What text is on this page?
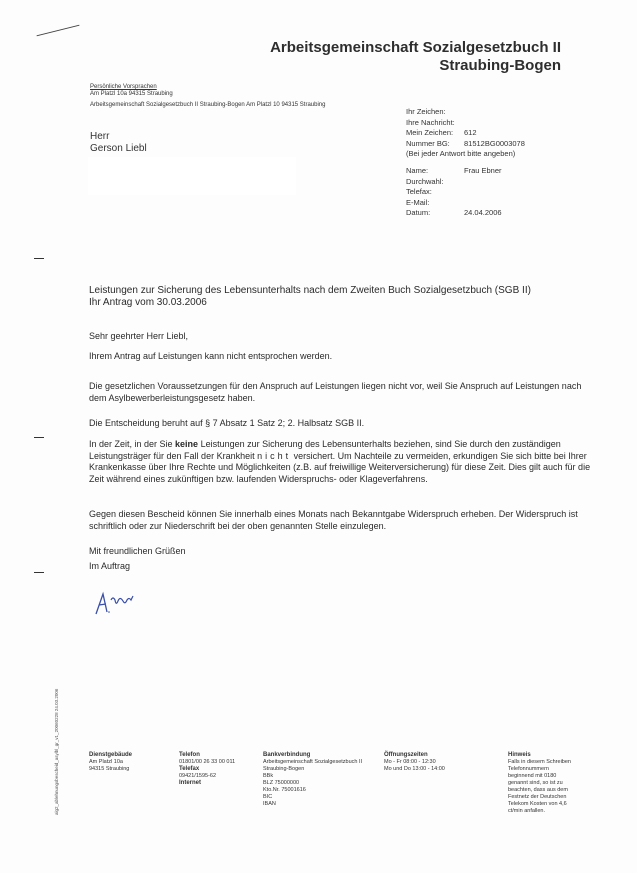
Arbeitsgemeinschaft Sozialgesetzbuch II
Straubing-Bogen
Persönliche Vorsprachen
Am Platzl 10a 94315 Straubing
Arbeitsgemeinschaft Sozialgesetzbuch II Straubing-Bogen Am Platzl 10 94315 Straubing
Herr
Gerson Liebl
Ihr Zeichen:
Ihre Nachricht:
Mein Zeichen: 612
Nummer BG: 81512BG0003078
(Bei jeder Antwort bitte angeben)
Name:	Frau Ebner
Durchwahl:
Telefax:
E-Mail:
Datum:	24.04.2006
Leistungen zur Sicherung des Lebensunterhalts nach dem Zweiten Buch Sozialgesetzbuch (SGB II)
Ihr Antrag vom 30.03.2006
Sehr geehrter Herr Liebl,
Ihrem Antrag auf Leistungen kann nicht entsprochen werden.
Die gesetzlichen Voraussetzungen für den Anspruch auf Leistungen liegen nicht vor, weil Sie Anspruch auf Leistungen nach dem Asylbewerberleistungsgesetz haben.
Die Entscheidung beruht auf § 7 Absatz 1 Satz 2; 2. Halbsatz SGB II.
In der Zeit, in der Sie keine Leistungen zur Sicherung des Lebensunterhalts beziehen, sind Sie durch den zuständigen Leistungsträger für den Fall der Krankheit nicht versichert. Um Nachteile zu vermeiden, erkundigen Sie sich bitte bei Ihrer Krankenkasse über Ihre Rechte und Möglichkeiten (z.B. auf freiwillige Weiterversicherung) für diese Zeit. Dies gilt auch für die Zeit während eines zukünftigen bzw. laufenden Widerspruchs- oder Klageverfahrens.
Gegen diesen Bescheid können Sie innerhalb eines Monats nach Bekanntgabe Widerspruch erheben. Der Widerspruch ist schriftlich oder zur Niederschrift bei der oben genannten Stelle einzulegen.
Mit freundlichen Grüßen
Im Auftrag
alg2_ablehnungsbescheid_asylbl_gr_v1_20060228 24.03.2006	Dienstgebäude
Am Platzl 10a
94315 Straubing
Telefon
01801/00 26 33 00 011
Telefax
09421/1595-62
Internet
Bankverbindung
Arbeitsgemeinschaft Sozialgesetzbuch II
Straubing-Bogen
BBk
BLZ 75000000
Kto.Nr. 75001616
BIC
IBAN
Öffnungszeiten
Mo - Fr 08:00 - 12:30
Mo und Do 13:00 - 14:00
Hinweis
Falls in diesem Schreiben Telefonnummern beginnend mit 0180 genannt sind, so ist zu beachten, dass aus dem Festnetz der Deutschen Telekom Kosten von 4,6 ct/min anfallen.
